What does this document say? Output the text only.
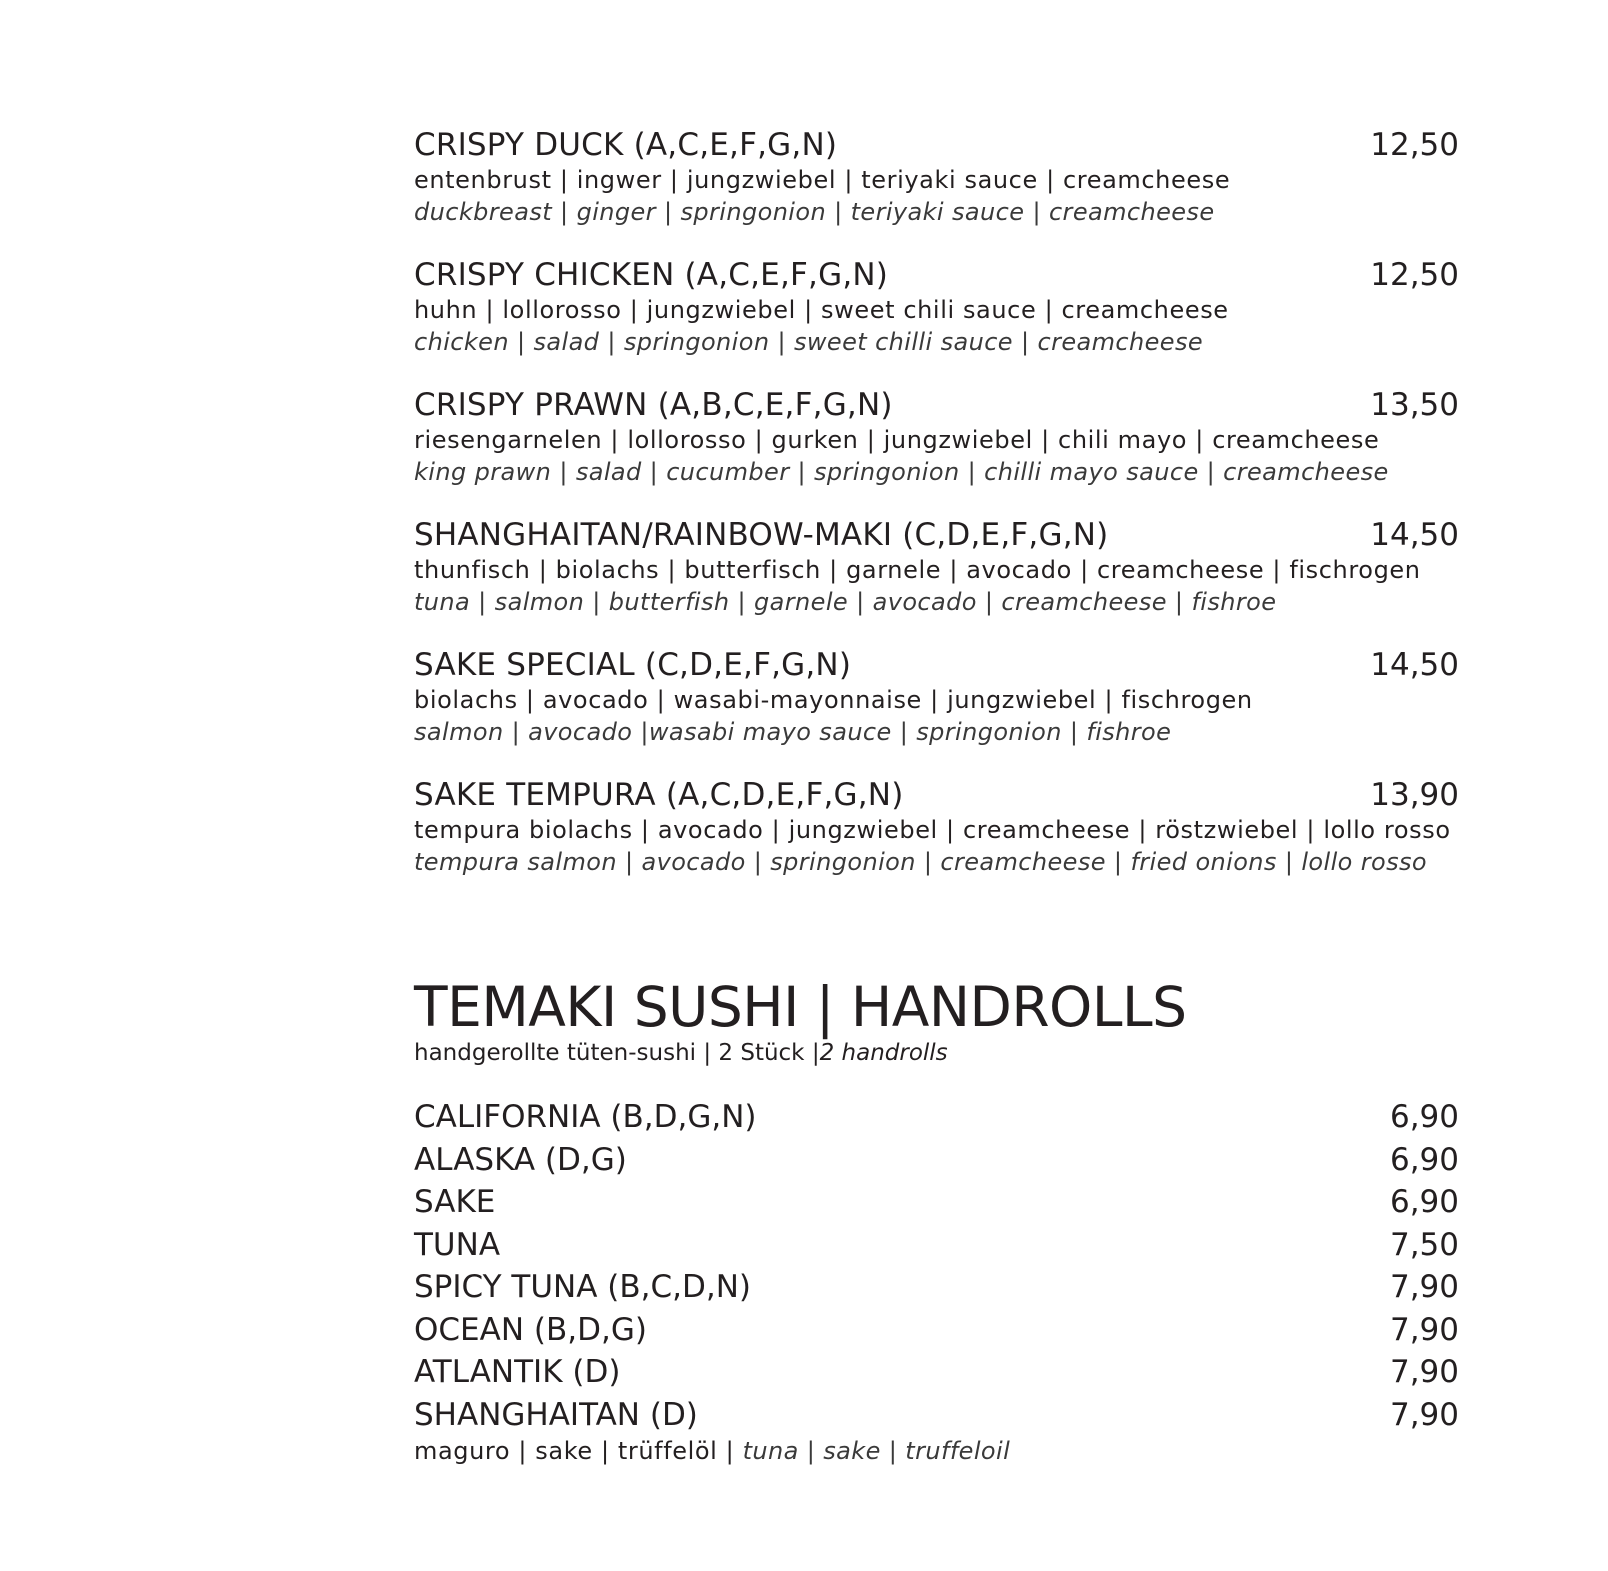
CRISPY DUCK (A,C,E,F,G,N)	12,50
entenbrust | ingwer | jungzwiebel | teriyaki sauce | creamcheese
duckbreast | ginger | springonion | teriyaki sauce | creamcheese
CRISPY CHICKEN (A,C,E,F,G,N)	12,50
huhn | lollorosso | jungzwiebel | sweet chili sauce | creamcheese
chicken | salad | springonion | sweet chilli sauce | creamcheese
CRISPY PRAWN (A,B,C,E,F,G,N)	13,50
riesengarnelen | lollorosso | gurken | jungzwiebel | chili mayo | creamcheese
king prawn | salad | cucumber | springonion | chilli mayo sauce | creamcheese
SHANGHAITAN/RAINBOW-MAKI (C,D,E,F,G,N)	14,50
thunfisch | biolachs | butterfisch | garnele | avocado | creamcheese | fischrogen
tuna | salmon | butterfish | garnele | avocado | creamcheese | fishroe
SAKE SPECIAL (C,D,E,F,G,N)	14,50
biolachs | avocado | wasabi-mayonnaise | jungzwiebel | fischrogen
salmon | avocado |wasabi mayo sauce | springonion | fishroe
SAKE TEMPURA (A,C,D,E,F,G,N)	13,90
tempura biolachs | avocado | jungzwiebel | creamcheese | röstzwiebel | lollo rosso
tempura salmon | avocado | springonion | creamcheese | fried onions | lollo rosso
TEMAKI SUSHI | HANDROLLS
handgerollte tüten-sushi | 2 Stück |2 handrolls
CALIFORNIA (B,D,G,N)	6,90
ALASKA (D,G)	6,90
SAKE	6,90
TUNA	7,50
SPICY TUNA (B,C,D,N)	7,90
OCEAN (B,D,G)	7,90
ATLANTIK (D)	7,90
SHANGHAITAN (D)	7,90
maguro | sake | trüffelöl | tuna | sake | truffeloil
